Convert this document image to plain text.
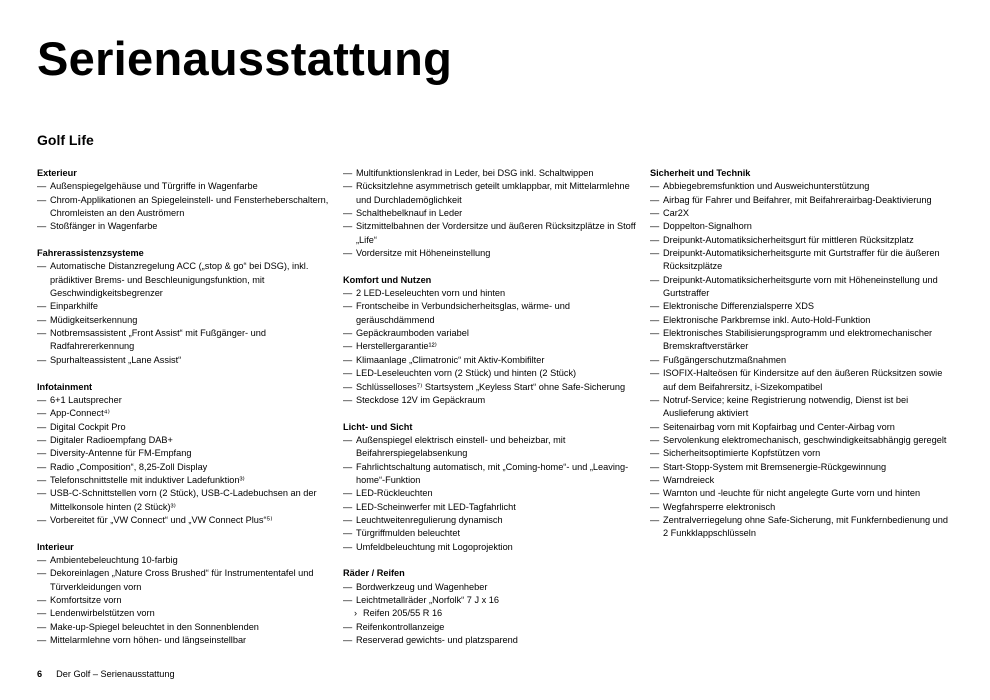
Serienausstattung
Golf Life
Exterieur
— Außenspiegelgehäuse und Türgriffe in Wagenfarbe
— Chrom-Applikationen an Spiegeleinstell- und Fensterheberschaltern, Chromleisten an den Auströmern
— Stoßfänger in Wagenfarbe
Fahrerassistenzsysteme
— Automatische Distanzregelung ACC („stop & go“ bei DSG), inkl. prädiktiver Brems- und Beschleunigungsfunktion, mit Geschwindigkeitsbegrenzer
— Einparkhilfe
— Müdigkeitserkennung
— Notbremsassistent „Front Assist“ mit Fußgänger- und Radfahrererkennung
— Spurhalteassistent „Lane Assist“
Infotainment
— 6+1 Lautsprecher
— App-Connect⁴⁾
— Digital Cockpit Pro
— Digitaler Radioempfang DAB+
— Diversity-Antenne für FM-Empfang
— Radio „Composition“, 8,25-Zoll Display
— Telefonschnittstelle mit induktiver Ladefunktion³⁾
— USB-C-Schnittstellen vorn (2 Stück), USB-C-Ladebuchsen an der Mittelkonsole hinten (2 Stück)³⁾
— Vorbereitet für „VW Connect“ und „VW Connect Plus“⁵⁾
Interieur
— Ambientebeleuchtung 10-farbig
— Dekoreinlagen „Nature Cross Brushed“ für Instrumententafel und Türverkleidungen vorn
— Komfortsitze vorn
— Lendenwirbelstützen vorn
— Make-up-Spiegel beleuchtet in den Sonnenblenden
— Mittelarmlehne vorn höhen- und längseinstellbar
— Multifunktionslenkrad in Leder, bei DSG inkl. Schaltwippen
— Rücksitzlehne asymmetrisch geteilt umklappbar, mit Mittelarmlehne und Durchlademöglichkeit
— Schalthebelknauf in Leder
— Sitzmittelbahnen der Vordersitze und äußeren Rücksitzplätze in Stoff „Life“
— Vordersitze mit Höheneinstellung
Komfort und Nutzen
— 2 LED-Leseleuchten vorn und hinten
— Frontscheibe in Verbundsicherheitsglas, wärme- und geräuschdämmend
— Gepäckraumboden variabel
— Herstellergarantie¹²⁾
— Klimaanlage „Climatronic“ mit Aktiv-Kombifilter
— LED-Leseleuchten vorn (2 Stück) und hinten (2 Stück)
— Schlüsselloses⁷⁾ Startsystem „Keyless Start“ ohne Safe-Sicherung
— Steckdose 12V im Gepäckraum
Licht- und Sicht
— Außenspiegel elektrisch einstell- und beheizbar, mit Beifahrerspiegelabsenkung
— Fahrlichtschaltung automatisch, mit „Coming-home“- und „Leaving-home“-Funktion
— LED-Rückleuchten
— LED-Scheinwerfer mit LED-Tagfahrlicht
— Leuchtweitenregulierung dynamisch
— Türgriffmulden beleuchtet
— Umfeldbeleuchtung mit Logoprojektion
Räder / Reifen
— Bordwerkzeug und Wagenheber
— Leichtmetallräder „Norfolk“ 7 J x 16
› Reifen 205/55 R 16
— Reifenkontrollanzeige
— Reserverad gewichts- und platzsparend
Sicherheit und Technik
— Abbiegebremsfunktion und Ausweichunterstützung
— Airbag für Fahrer und Beifahrer, mit Beifahrerairbag-Deaktivierung
— Car2X
— Doppelton-Signalhorn
— Dreipunkt-Automatiksicherheitsgurt für mittleren Rücksitzplatz
— Dreipunkt-Automatiksicherheitsgurte mit Gurtstraffer für die äußeren Rücksitzplätze
— Dreipunkt-Automatiksicherheitsgurte vorn mit Höheneinstellung und Gurtstraffer
— Elektronische Differenzialsperre XDS
— Elektronische Parkbremse inkl. Auto-Hold-Funktion
— Elektronisches Stabilisierungsprogramm und elektromechanischer Bremskraftverstärker
— Fußgängerschutzmaßnahmen
— ISOFIX-Halteösen für Kindersitze auf den äußeren Rücksitzen sowie auf dem Beifahrersitz, i-Sizekompatibel
— Notruf-Service; keine Registrierung notwendig, Dienst ist bei Auslieferung aktiviert
— Seitenairbag vorn mit Kopfairbag und Center-Airbag vorn
— Servolenkung elektromechanisch, geschwindigkeitsabhängig geregelt
— Sicherheitsoptimierte Kopfstützen vorn
— Start-Stopp-System mit Bremsenergie-Rückgewinnung
— Warndreieck
— Warnton und -leuchte für nicht angelegte Gurte vorn und hinten
— Wegfahrsperre elektronisch
— Zentralverriegelung ohne Safe-Sicherung, mit Funkfernbedienung und 2 Funkklappschlüsseln
6 Der Golf – Serienausstattung
